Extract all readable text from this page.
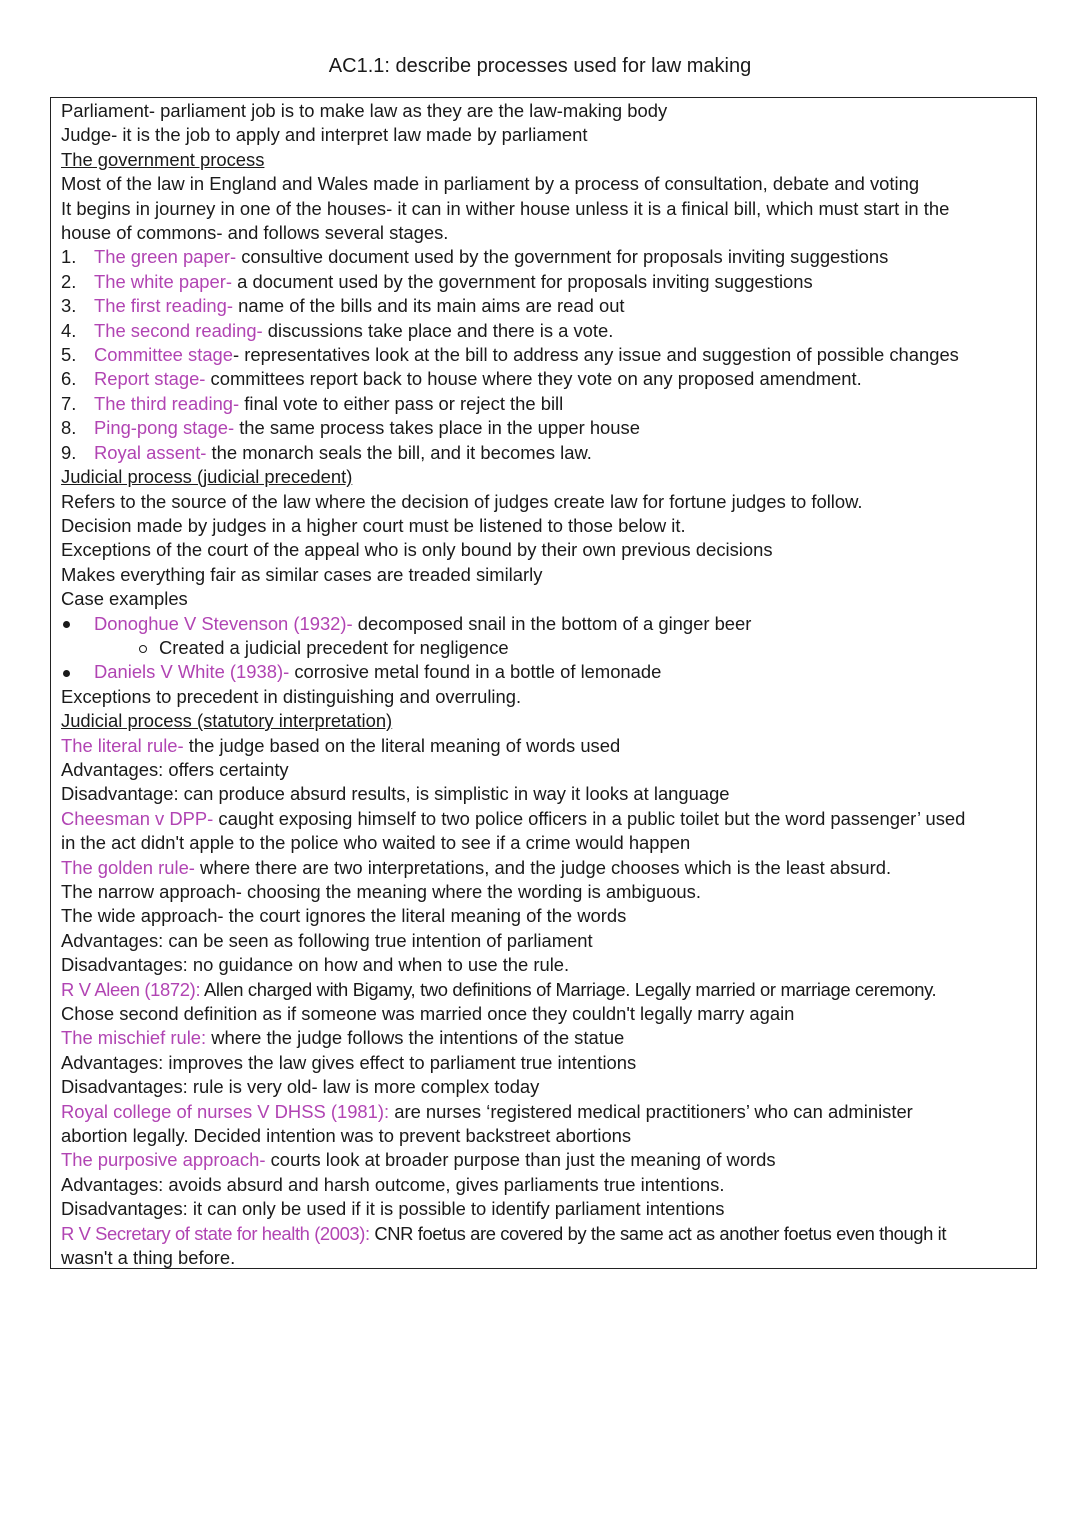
AC1.1: describe processes used for law making
Parliament- parliament job is to make law as they are the law-making body
Judge- it is the job to apply and interpret law made by parliament
The government process
Most of the law in England and Wales made in parliament by a process of consultation, debate and voting
It begins in journey in one of the houses- it can in wither house unless it is a finical bill, which must start in the
house of commons- and follows several stages.
1. The green paper- consultive document used by the government for proposals inviting suggestions
2. The white paper- a document used by the government for proposals inviting suggestions
3. The first reading- name of the bills and its main aims are read out
4. The second reading- discussions take place and there is a vote.
5. Committee stage- representatives look at the bill to address any issue and suggestion of possible changes
6. Report stage- committees report back to house where they vote on any proposed amendment.
7. The third reading- final vote to either pass or reject the bill
8. Ping-pong stage- the same process takes place in the upper house
9. Royal assent- the monarch seals the bill, and it becomes law.
Judicial process (judicial precedent)
Refers to the source of the law where the decision of judges create law for fortune judges to follow.
Decision made by judges in a higher court must be listened to those below it.
Exceptions of the court of the appeal who is only bound by their own previous decisions
Makes everything fair as similar cases are treaded similarly
Case examples
Donoghue V Stevenson (1932)- decomposed snail in the bottom of a ginger beer
Created a judicial precedent for negligence
Daniels V White (1938)- corrosive metal found in a bottle of lemonade
Exceptions to precedent in distinguishing and overruling.
Judicial process (statutory interpretation)
The literal rule- the judge based on the literal meaning of words used
Advantages: offers certainty
Disadvantage: can produce absurd results, is simplistic in way it looks at language
Cheesman v DPP- caught exposing himself to two police officers in a public toilet but the word passenger’ used
in the act didn't apple to the police who waited to see if a crime would happen
The golden rule- where there are two interpretations, and the judge chooses which is the least absurd.
The narrow approach- choosing the meaning where the wording is ambiguous.
The wide approach- the court ignores the literal meaning of the words
Advantages: can be seen as following true intention of parliament
Disadvantages: no guidance on how and when to use the rule.
R V Aleen (1872): Allen charged with Bigamy, two definitions of Marriage. Legally married or marriage ceremony.
Chose second definition as if someone was married once they couldn't legally marry again
The mischief rule: where the judge follows the intentions of the statue
Advantages: improves the law gives effect to parliament true intentions
Disadvantages: rule is very old- law is more complex today
Royal college of nurses V DHSS (1981): are nurses ‘registered medical practitioners’ who can administer
abortion legally. Decided intention was to prevent backstreet abortions
The purposive approach- courts look at broader purpose than just the meaning of words
Advantages: avoids absurd and harsh outcome, gives parliaments true intentions.
Disadvantages: it can only be used if it is possible to identify parliament intentions
R V Secretary of state for health (2003): CNR foetus are covered by the same act as another foetus even though it
wasn't a thing before.
